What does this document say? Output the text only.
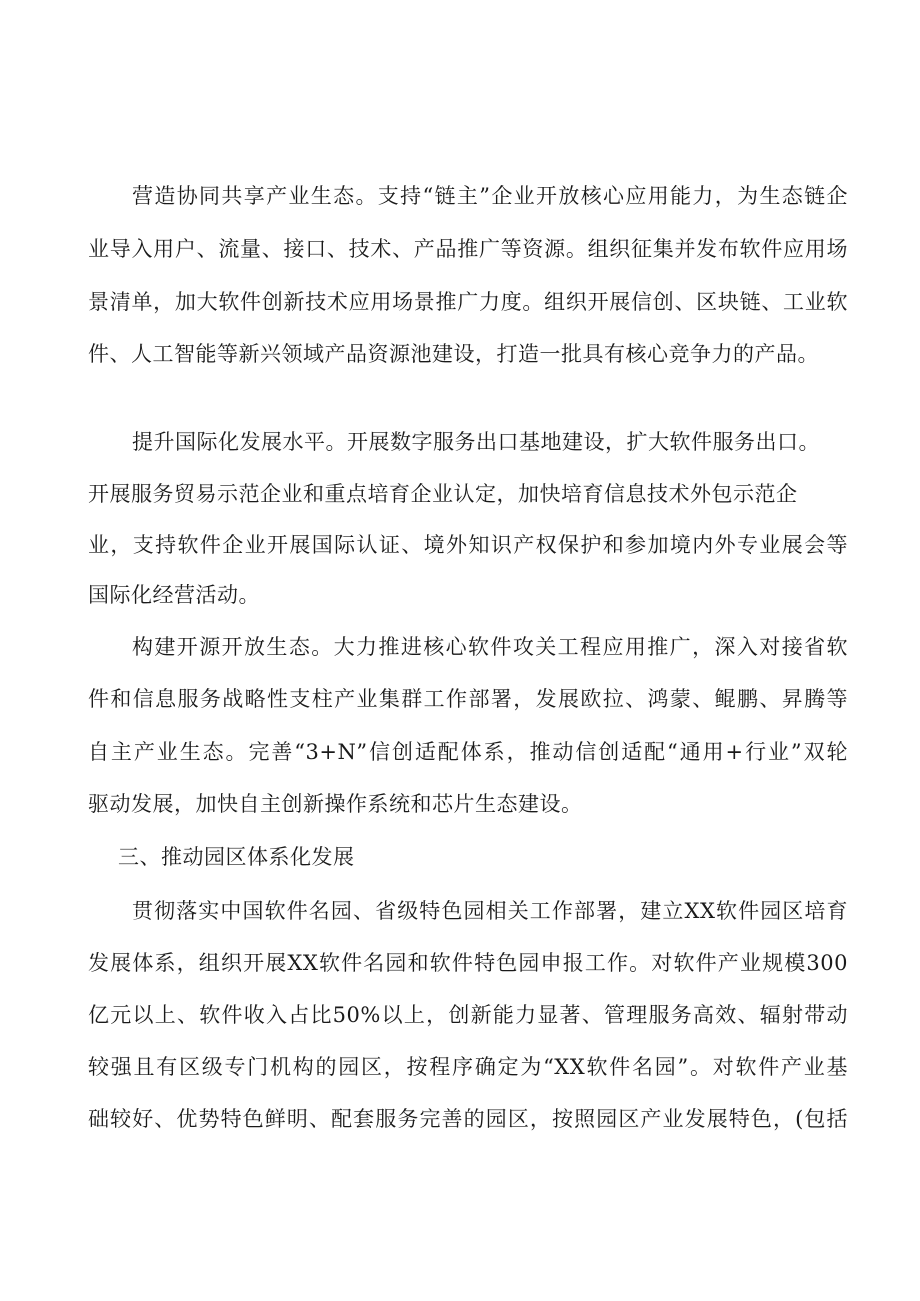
营造协同共享产业生态。支持“链主”企业开放核心应用能力，为生态链企
业导入用户、流量、接口、技术、产品推广等资源。组织征集并发布软件应用场
景清单，加大软件创新技术应用场景推广力度。组织开展信创、区块链、工业软
件、人工智能等新兴领域产品资源池建设，打造一批具有核心竞争力的产品。
提升国际化发展水平。开展数字服务出口基地建设，扩大软件服务出口。
开展服务贸易示范企业和重点培育企业认定，加快培育信息技术外包示范企
业，支持软件企业开展国际认证、境外知识产权保护和参加境内外专业展会等
国际化经营活动。
构建开源开放生态。大力推进核心软件攻关工程应用推广，深入对接省软
件和信息服务战略性支柱产业集群工作部署，发展欧拉、鸿蒙、鲲鹏、昇腾等
自主产业生态。完善“3+N”信创适配体系，推动信创适配“通用+行业”双轮
驱动发展，加快自主创新操作系统和芯片生态建设。
三、推动园区体系化发展
贯彻落实中国软件名园、省级特色园相关工作部署，建立XX软件园区培育
发展体系，组织开展XX软件名园和软件特色园申报工作。对软件产业规模300
亿元以上、软件收入占比50%以上，创新能力显著、管理服务高效、辐射带动
较强且有区级专门机构的园区，按程序确定为“XX软件名园”。对软件产业基
础较好、优势特色鲜明、配套服务完善的园区，按照园区产业发展特色，(包括
